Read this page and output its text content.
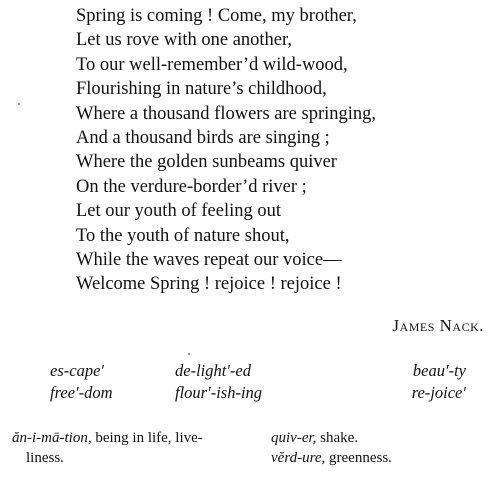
Spring is coming ! Come, my brother,
Let us rove with one another,
To our well-remember’d wild-wood,
Flourishing in nature’s childhood,
Where a thousand flowers are springing,
And a thousand birds are singing ;
Where the golden sunbeams quiver
On the verdure-border’d river ;
Let our youth of feeling out
To the youth of nature shout,
While the waves repeat our voice—
Welcome Spring ! rejoice ! rejoice !
James Nack.
es-cape′
free′-dom
de-light′-ed
flour′-ish-ing
beau′-ty
re-joice′
ăn-i-mā-tion, being in life, live-
liness.
quiv-er, shake.
vĕrd-ure, greenness.
